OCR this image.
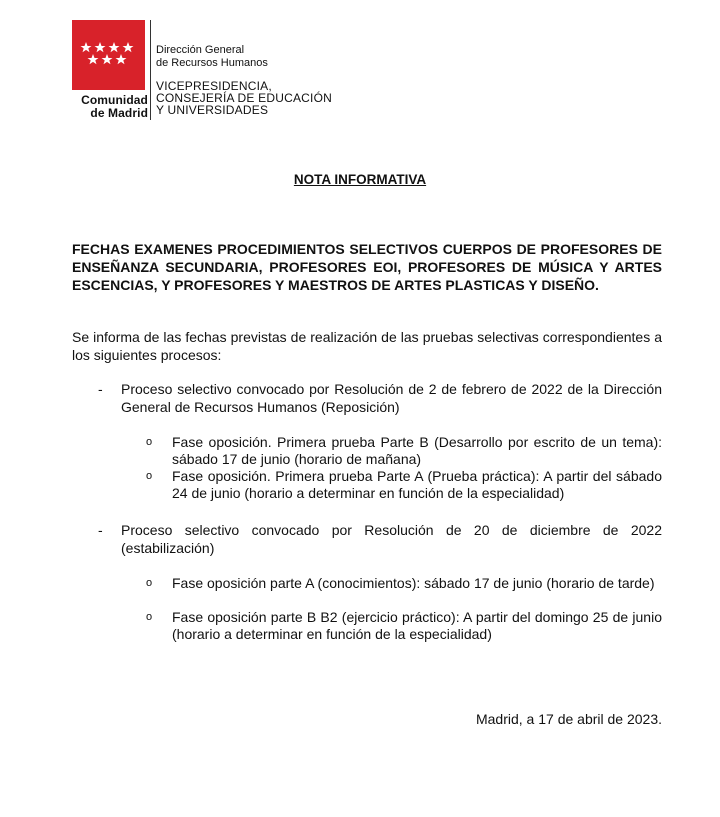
Comunidad
de Madrid
Dirección General
de Recursos Humanos
VICEPRESIDENCIA,
CONSEJERÍA DE EDUCACIÓN
Y UNIVERSIDADES
NOTA INFORMATIVA
FECHAS EXAMENES PROCEDIMIENTOS SELECTIVOS CUERPOS DE PROFESORES DE ENSEÑANZA SECUNDARIA, PROFESORES EOI, PROFESORES DE MÚSICA Y ARTES ESCENCIAS, Y PROFESORES Y MAESTROS DE ARTES PLASTICAS Y DISEÑO.
Se informa de las fechas previstas de realización de las pruebas selectivas correspondientes a los siguientes procesos:
- Proceso selectivo convocado por Resolución de 2 de febrero de 2022 de la Dirección General de Recursos Humanos (Reposición)
o Fase oposición. Primera prueba Parte B (Desarrollo por escrito de un tema): sábado 17 de junio (horario de mañana)
o Fase oposición. Primera prueba Parte A (Prueba práctica): A partir del sábado 24 de junio (horario a determinar en función de la especialidad)
- Proceso selectivo convocado por Resolución de 20 de diciembre de 2022 (estabilización)
o Fase oposición parte A (conocimientos): sábado 17 de junio (horario de tarde)
o Fase oposición parte B B2 (ejercicio práctico): A partir del domingo 25 de junio (horario a determinar en función de la especialidad)
Madrid, a 17 de abril de 2023.
